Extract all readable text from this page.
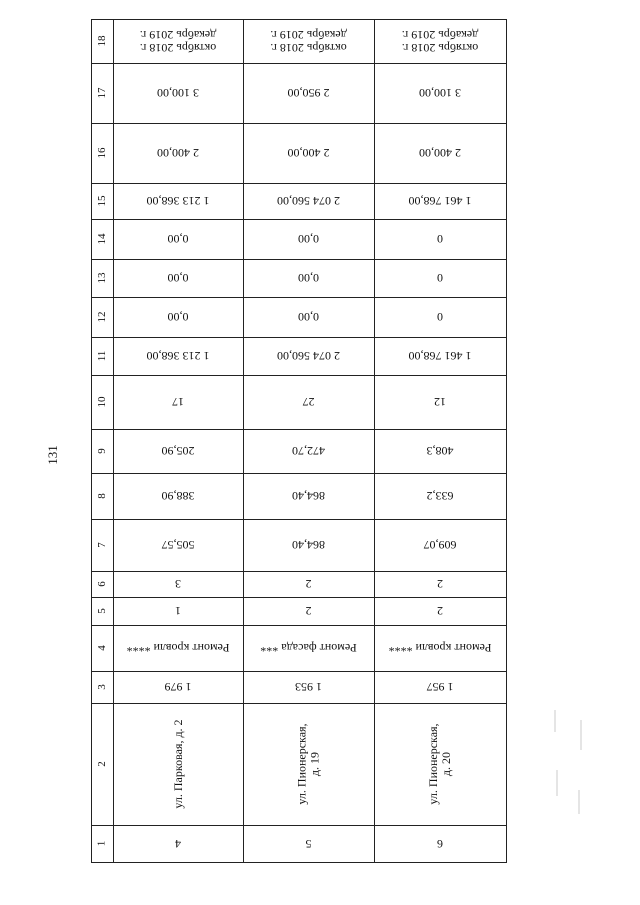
131
18
17
16
15
14
13
12
11
10
9
8
7
6
5
4
3
2
1
октябрь 2018 г.
декабрь 2019 г.
3 100,00
2 400,00
1 213 368,00
0,00
0,00
0,00
1 213 368,00
17
205,90
388,90
505,57
3
1
Ремонт кровли ****
1 979
ул. Парковая, д. 2
4
октябрь 2018 г.
декабрь 2019 г.
2 950,00
2 400,00
2 074 560,00
0,00
0,00
0,00
2 074 560,00
27
472,70
864,40
864,40
2
2
Ремонт фасада ***
1 953
ул. Пионерская, д. 19
5
октябрь 2018 г.
декабрь 2019 г.
3 100,00
2 400,00
1 461 768,00
0
0
0
1 461 768,00
12
408,3
633,2
609,07
2
2
Ремонт кровли ****
1 957
ул. Пионерская, д. 20
6
